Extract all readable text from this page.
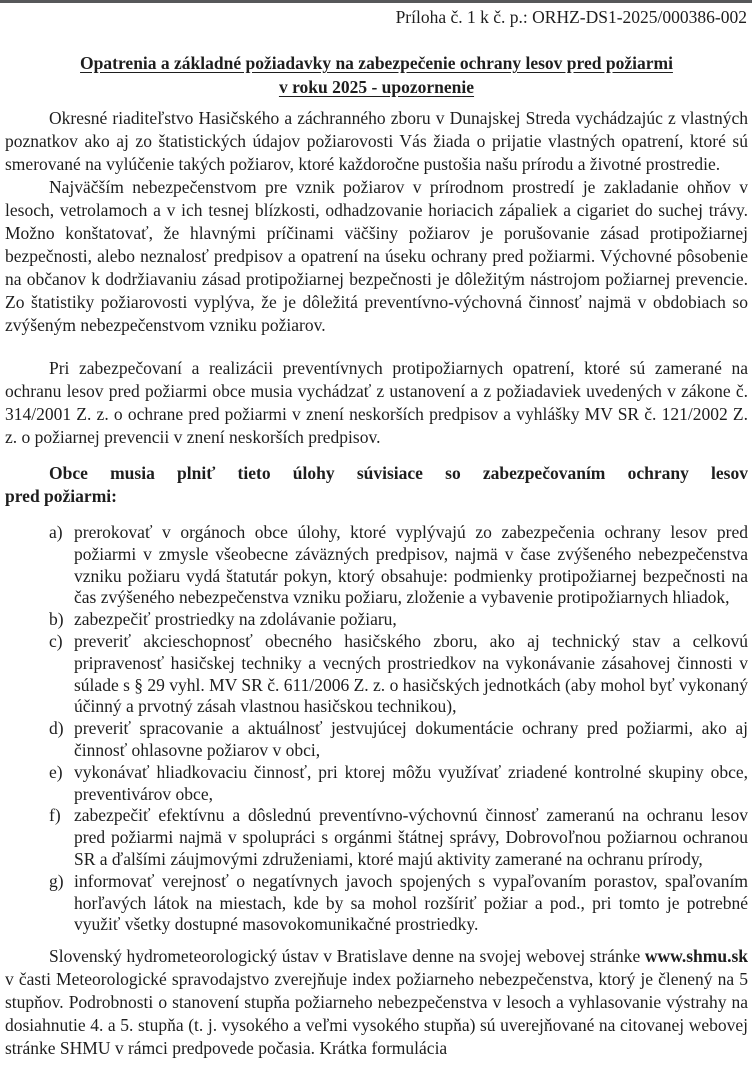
Príloha č. 1 k č. p.: ORHZ-DS1-2025/000386-002
Opatrenia a základné požiadavky na zabezpečenie ochrany lesov pred požiarmi
v roku 2025 - upozornenie

Okresné riaditeľstvo Hasičského a záchranného zboru v Dunajskej Streda vychádzajúc z vlastných poznatkov ako aj zo štatistických údajov požiarovosti Vás žiada o prijatie vlastných opatrení, ktoré sú smerované na vylúčenie takých požiarov, ktoré každoročne pustošia našu prírodu a životné prostredie.

Najväčším nebezpečenstvom pre vznik požiarov v prírodnom prostredí je zakladanie ohňov v lesoch, vetrolamoch a v ich tesnej blízkosti, odhadzovanie horiacich zápaliek a cigariet do suchej trávy. Možno konštatovať, že hlavnými príčinami väčšiny požiarov je porušovanie zásad protipožiarnej bezpečnosti, alebo neznalosť predpisov a opatrení na úseku ochrany pred požiarmi. Výchovné pôsobenie na občanov k dodržiavaniu zásad protipožiarnej bezpečnosti je dôležitým nástrojom požiarnej prevencie. Zo štatistiky požiarovosti vyplýva, že je dôležitá preventívno-výchovná činnosť najmä v obdobiach so zvýšeným nebezpečenstvom vzniku požiarov.

Pri zabezpečovaní a realizácii preventívnych protipožiarnych opatrení, ktoré sú zamerané na ochranu lesov pred požiarmi obce musia vychádzať z ustanovení a z požiadaviek uvedených v zákone č. 314/2001 Z. z. o ochrane pred požiarmi v znení neskorších predpisov a vyhlášky MV SR č. 121/2002 Z. z. o požiarnej prevencii v znení neskorších predpisov.

Obce musia plniť tieto úlohy súvisiace so zabezpečovaním ochrany lesov
pred požiarmi:
a) prerokovať v orgánoch obce úlohy, ktoré vyplývajú zo zabezpečenia ochrany lesov pred požiarmi v zmysle všeobecne záväzných predpisov, najmä v čase zvýšeného nebezpečenstva vzniku požiaru vydá štatutár pokyn, ktorý obsahuje: podmienky protipožiarnej bezpečnosti na čas zvýšeného nebezpečenstva vzniku požiaru, zloženie a vybavenie protipožiarnych hliadok,
b) zabezpečiť prostriedky na zdolávanie požiaru,
c) preveriť akcieschopnosť obecného hasičského zboru, ako aj technický stav a celkovú pripravenosť hasičskej techniky a vecných prostriedkov na vykonávanie zásahovej činnosti v súlade s § 29 vyhl. MV SR č. 611/2006 Z. z. o hasičských jednotkách (aby mohol byť vykonaný účinný a prvotný zásah vlastnou hasičskou technikou),
d) preveriť spracovanie a aktuálnosť jestvujúcej dokumentácie ochrany pred požiarmi, ako aj činnosť ohlasovne požiarov v obci,
e) vykonávať hliadkovaciu činnosť, pri ktorej môžu využívať zriadené kontrolné skupiny obce, preventivárov obce,
f) zabezpečiť efektívnu a dôslednú preventívno-výchovnú činnosť zameranú na ochranu lesov pred požiarmi najmä v spolupráci s orgánmi štátnej správy, Dobrovoľnou požiarnou ochranou SR a ďalšími záujmovými združeniami, ktoré majú aktivity zamerané na ochranu prírody,
g) informovať verejnosť o negatívnych javoch spojených s vypaľovaním porastov, spaľovaním horľavých látok na miestach, kde by sa mohol rozšíriť požiar a pod., pri tomto je potrebné využiť všetky dostupné masovokomunikačné prostriedky.

Slovenský hydrometeorologický ústav v Bratislave denne na svojej webovej stránke www.shmu.sk v časti Meteorologické spravodajstvo zverejňuje index požiarneho nebezpečenstva, ktorý je členený na 5 stupňov. Podrobnosti o stanovení stupňa požiarneho nebezpečenstva v lesoch a vyhlasovanie výstrahy na dosiahnutie 4. a 5. stupňa (t. j. vysokého a veľmi vysokého stupňa) sú uverejňované na citovanej webovej stránke SHMU v rámci predpovede počasia. Krátka formulácia
